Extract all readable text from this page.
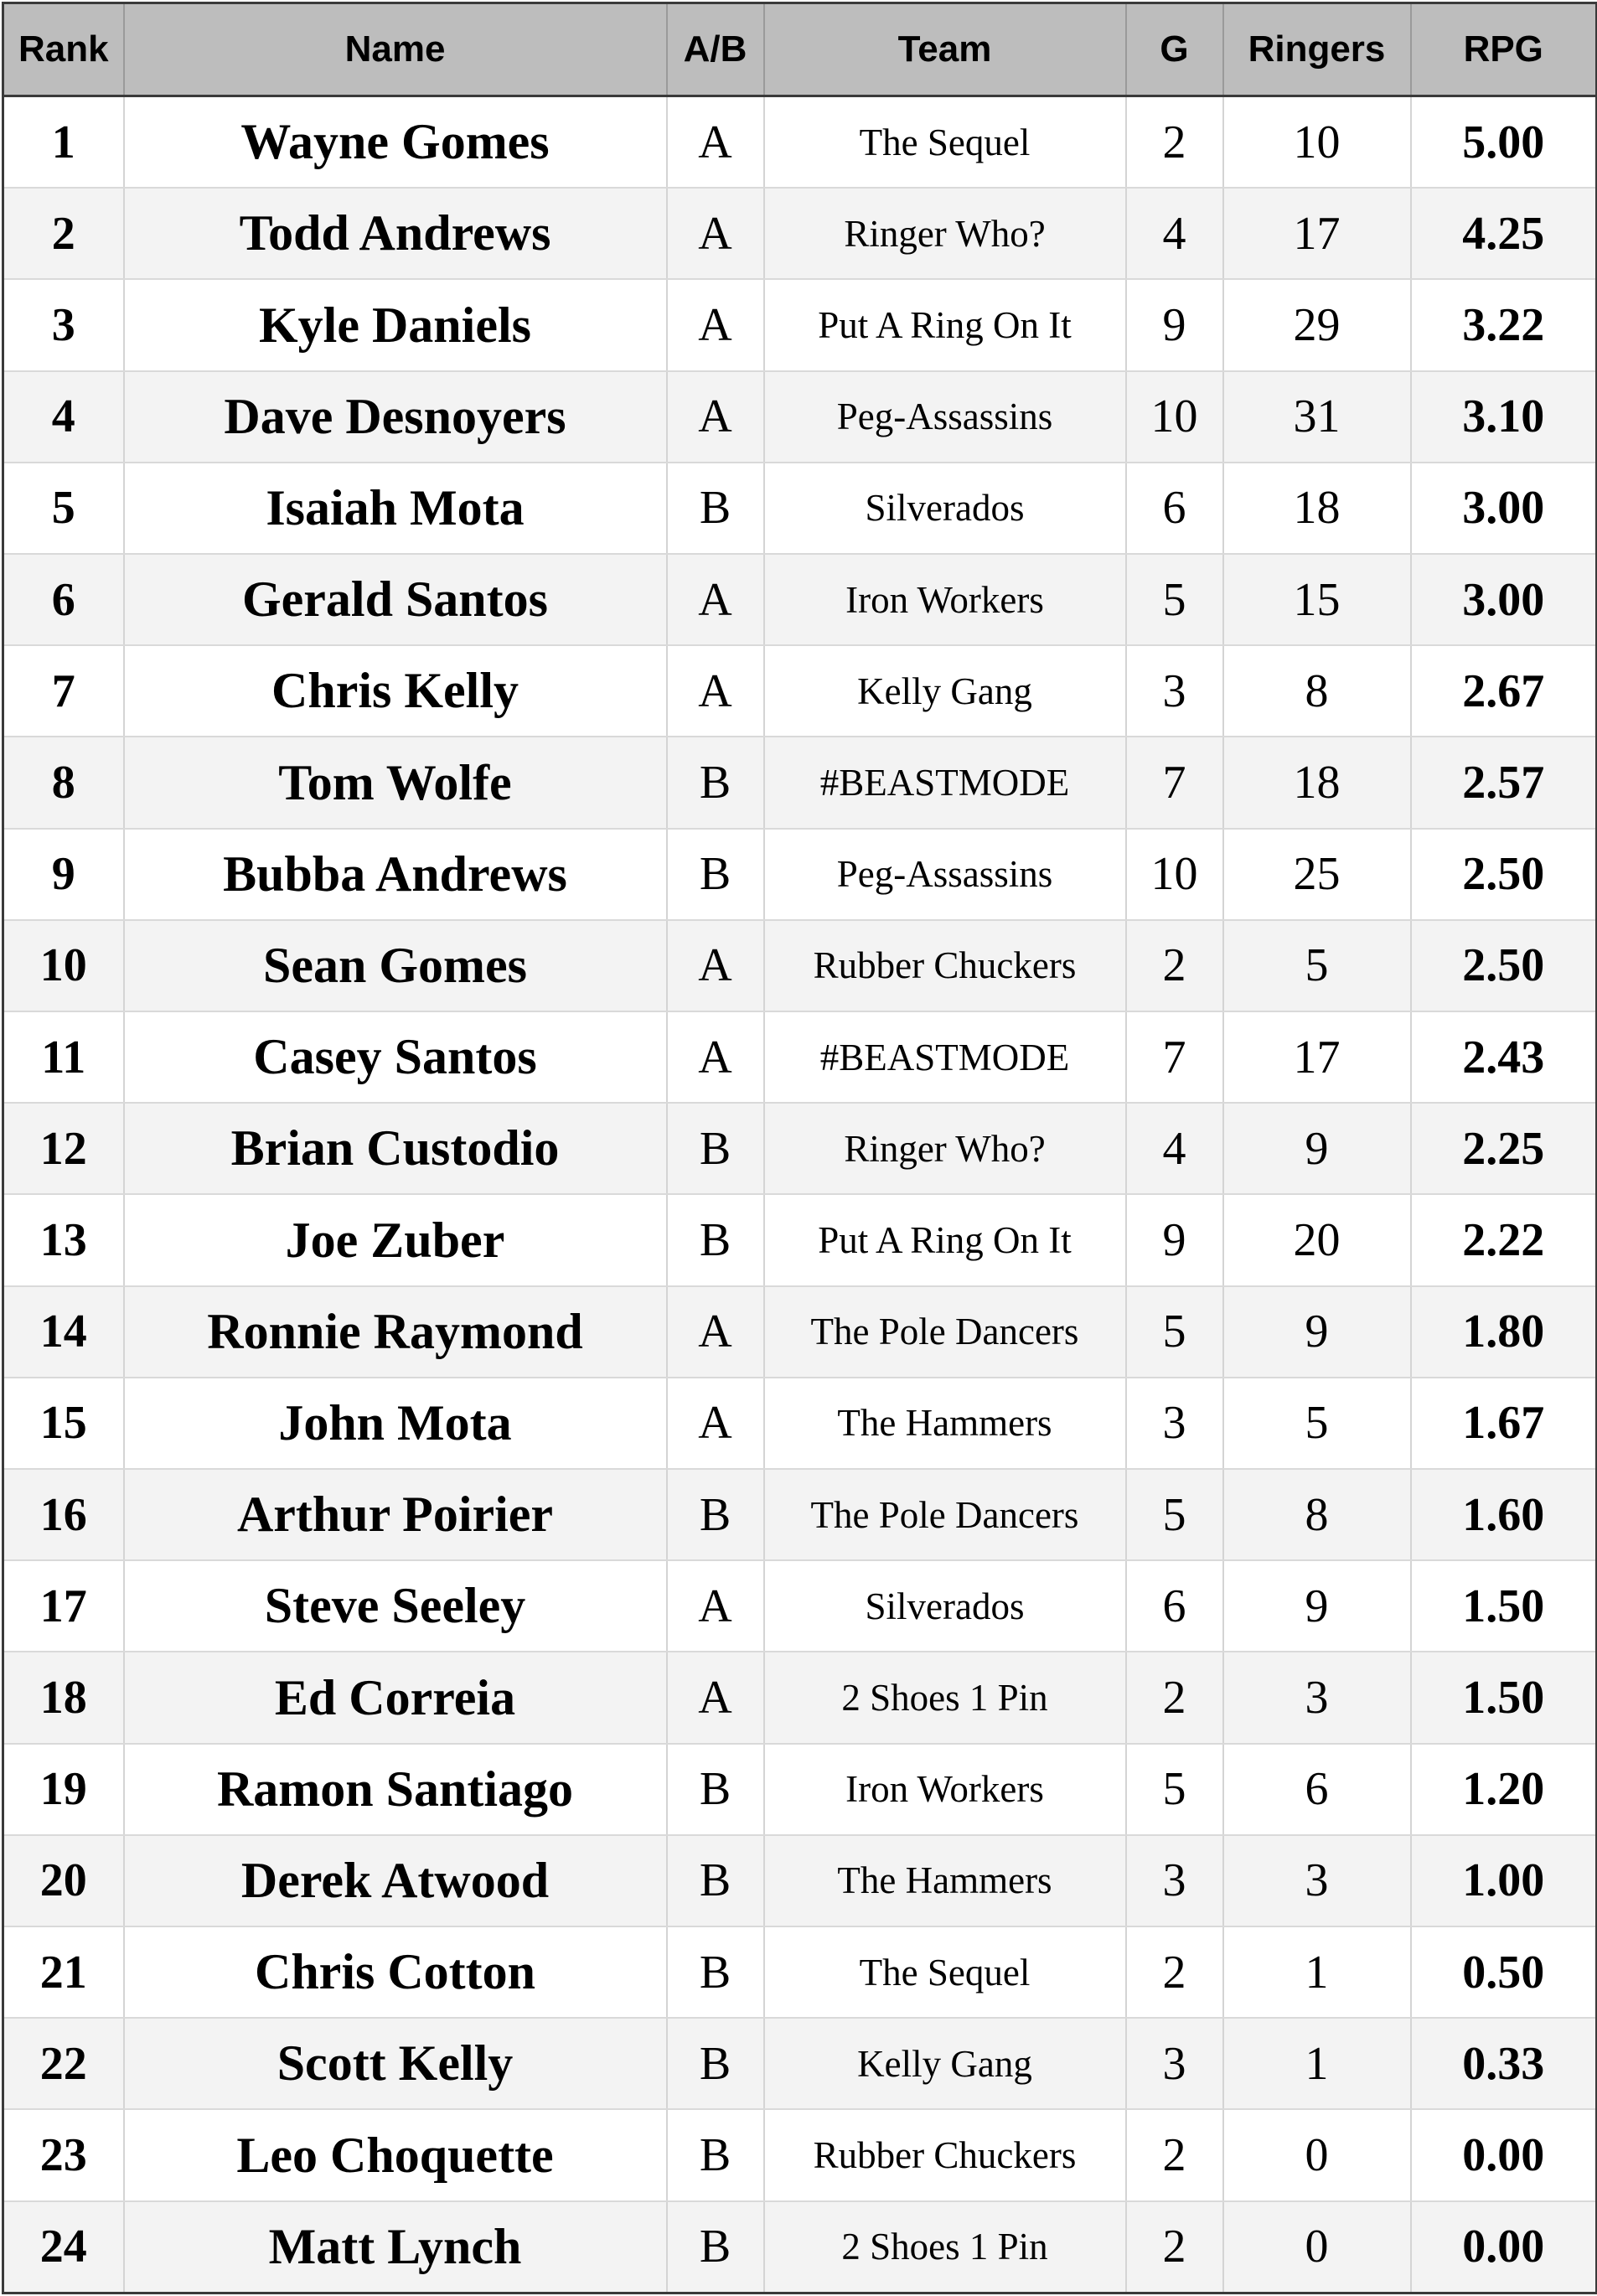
Rank	Name	A/B	Team	G	Ringers	RPG
1	Wayne Gomes	A	The Sequel	2	10	5.00
2	Todd Andrews	A	Ringer Who?	4	17	4.25
3	Kyle Daniels	A	Put A Ring On It	9	29	3.22
4	Dave Desnoyers	A	Peg-Assassins	10	31	3.10
5	Isaiah Mota	B	Silverados	6	18	3.00
6	Gerald Santos	A	Iron Workers	5	15	3.00
7	Chris Kelly	A	Kelly Gang	3	8	2.67
8	Tom Wolfe	B	#BEASTMODE	7	18	2.57
9	Bubba Andrews	B	Peg-Assassins	10	25	2.50
10	Sean Gomes	A	Rubber Chuckers	2	5	2.50
11	Casey Santos	A	#BEASTMODE	7	17	2.43
12	Brian Custodio	B	Ringer Who?	4	9	2.25
13	Joe Zuber	B	Put A Ring On It	9	20	2.22
14	Ronnie Raymond	A	The Pole Dancers	5	9	1.80
15	John Mota	A	The Hammers	3	5	1.67
16	Arthur Poirier	B	The Pole Dancers	5	8	1.60
17	Steve Seeley	A	Silverados	6	9	1.50
18	Ed Correia	A	2 Shoes 1 Pin	2	3	1.50
19	Ramon Santiago	B	Iron Workers	5	6	1.20
20	Derek Atwood	B	The Hammers	3	3	1.00
21	Chris Cotton	B	The Sequel	2	1	0.50
22	Scott Kelly	B	Kelly Gang	3	1	0.33
23	Leo Choquette	B	Rubber Chuckers	2	0	0.00
24	Matt Lynch	B	2 Shoes 1 Pin	2	0	0.00
